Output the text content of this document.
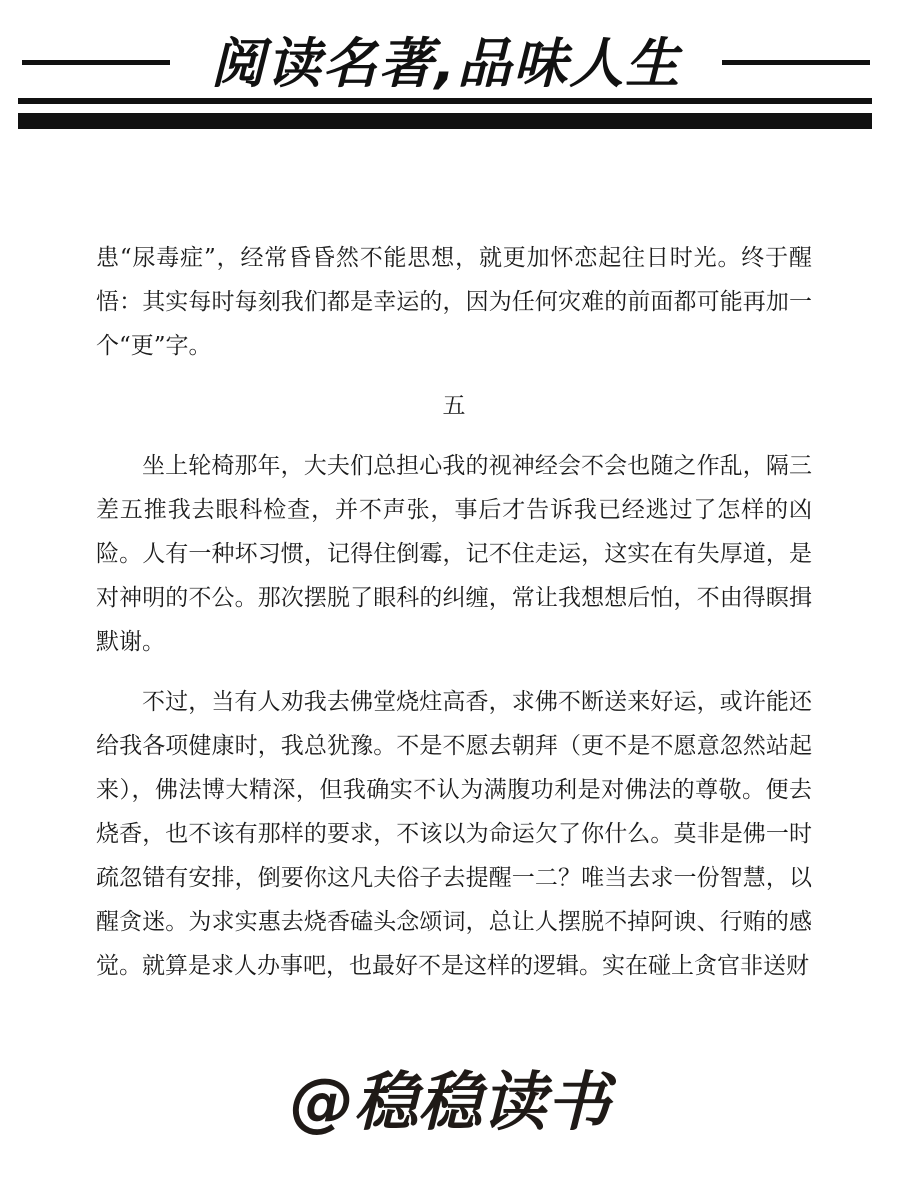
阅读名著,品味人生

患“尿毒症”，经常昏昏然不能思想，就更加怀恋起往日时光。终于醒悟：其实每时每刻我们都是幸运的，因为任何灾难的前面都可能再加一个“更”字。

五

坐上轮椅那年，大夫们总担心我的视神经会不会也随之作乱，隔三差五推我去眼科检查，并不声张，事后才告诉我已经逃过了怎样的凶险。人有一种坏习惯，记得住倒霉，记不住走运，这实在有失厚道，是对神明的不公。那次摆脱了眼科的纠缠，常让我想想后怕，不由得瞑揖默谢。

不过，当有人劝我去佛堂烧炷高香，求佛不断送来好运，或许能还给我各项健康时，我总犹豫。不是不愿去朝拜（更不是不愿意忽然站起来），佛法博大精深，但我确实不认为满腹功利是对佛法的尊敬。便去烧香，也不该有那样的要求，不该以为命运欠了你什么。莫非是佛一时疏忽错有安排，倒要你这凡夫俗子去提醒一二？唯当去求一份智慧，以醒贪迷。为求实惠去烧香磕头念颂词，总让人摆脱不掉阿谀、行贿的感觉。就算是求人办事吧，也最好不是这样的逻辑。实在碰上贪官非送财

@稳稳读书
